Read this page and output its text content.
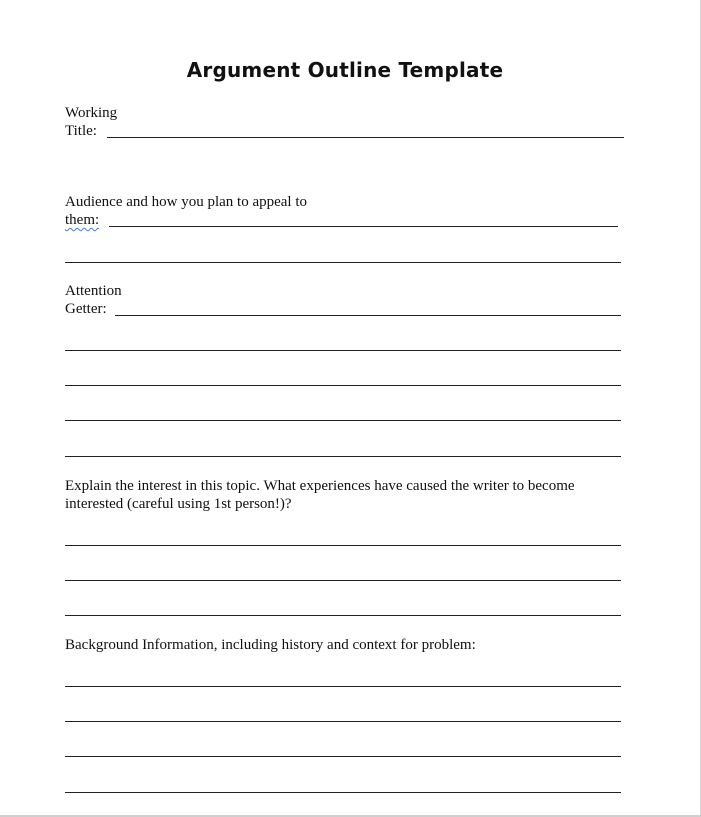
Argument Outline Template
Working
Title:
Audience and how you plan to appeal to
them:
Attention
Getter:
Explain the interest in this topic. What experiences have caused the writer to become interested (careful using 1st person!)?
Background Information, including history and context for problem:
